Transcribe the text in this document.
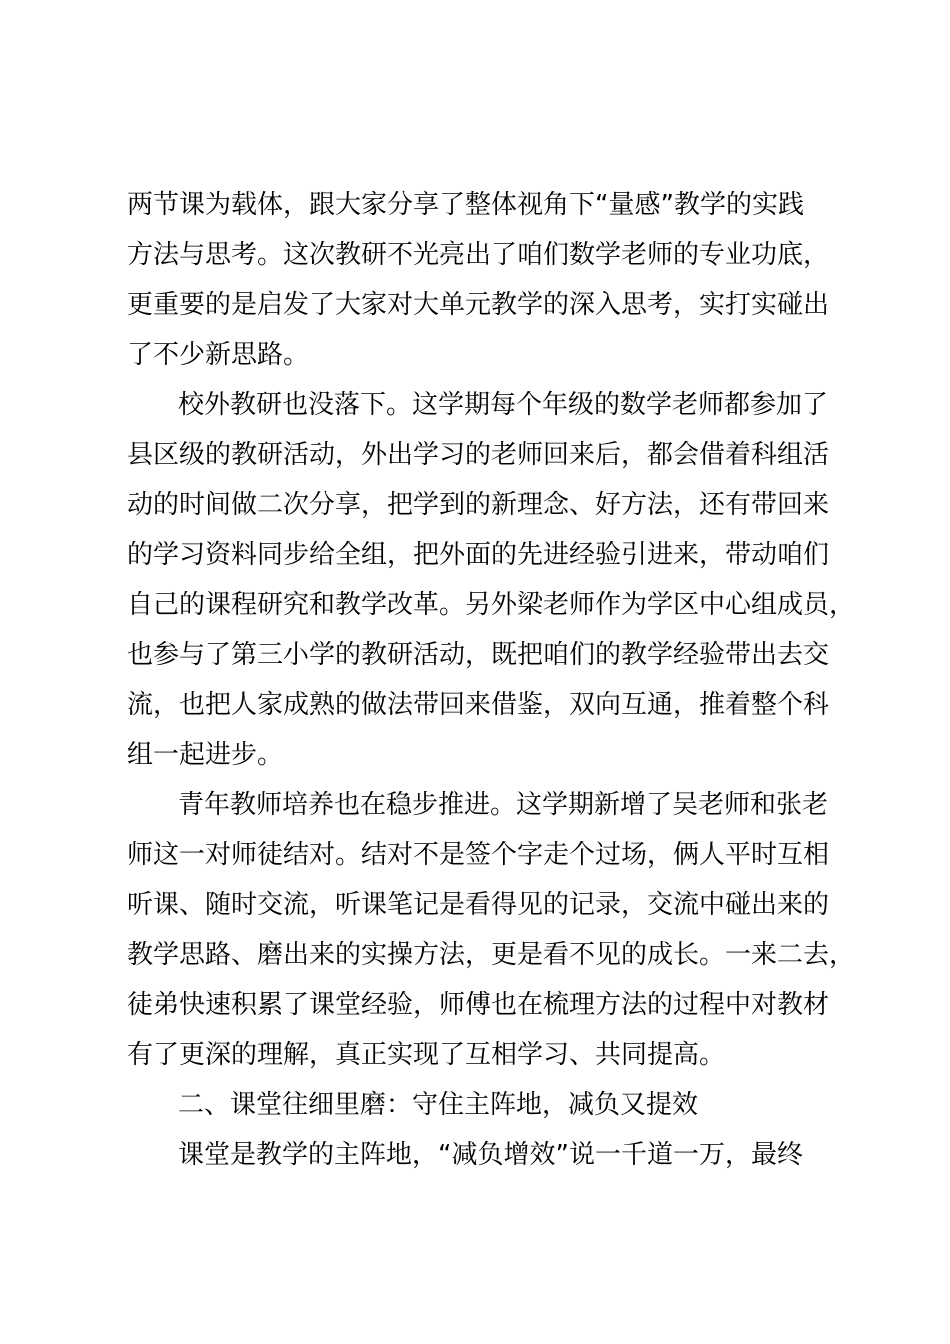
两节课为载体，跟大家分享了整体视角下“量感”教学的实践
方法与思考。这次教研不光亮出了咱们数学老师的专业功底，
更重要的是启发了大家对大单元教学的深入思考，实打实碰出
了不少新思路。
校外教研也没落下。这学期每个年级的数学老师都参加了
县区级的教研活动，外出学习的老师回来后，都会借着科组活
动的时间做二次分享，把学到的新理念、好方法，还有带回来
的学习资料同步给全组，把外面的先进经验引进来，带动咱们
自己的课程研究和教学改革。另外梁老师作为学区中心组成员，
也参与了第三小学的教研活动，既把咱们的教学经验带出去交
流，也把人家成熟的做法带回来借鉴，双向互通，推着整个科
组一起进步。
青年教师培养也在稳步推进。这学期新增了吴老师和张老
师这一对师徒结对。结对不是签个字走个过场，俩人平时互相
听课、随时交流，听课笔记是看得见的记录，交流中碰出来的
教学思路、磨出来的实操方法，更是看不见的成长。一来二去，
徒弟快速积累了课堂经验，师傅也在梳理方法的过程中对教材
有了更深的理解，真正实现了互相学习、共同提高。
二、课堂往细里磨：守住主阵地，减负又提效
课堂是教学的主阵地，“减负增效”说一千道一万，最终
